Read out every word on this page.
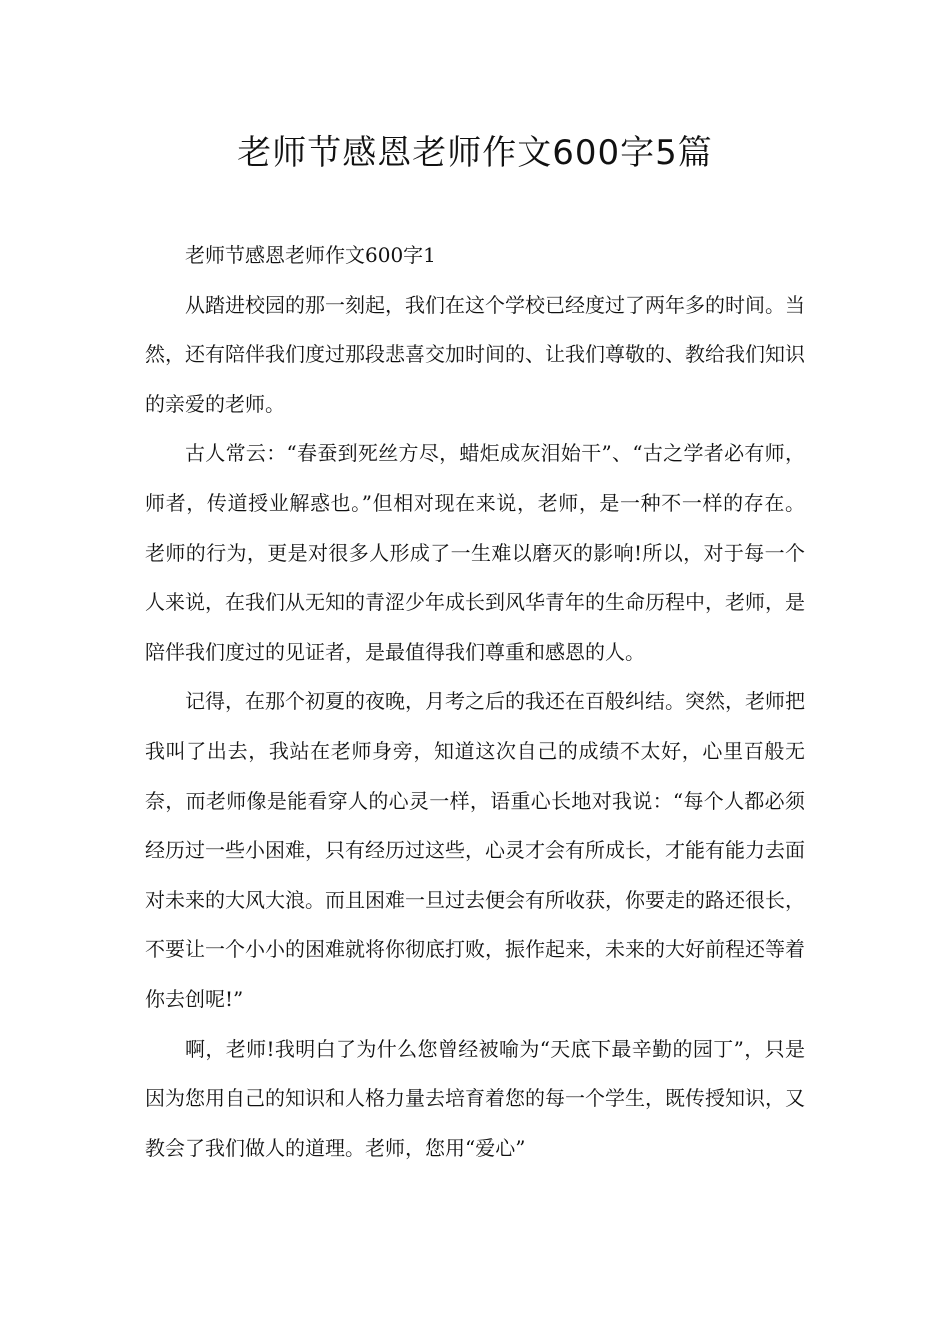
老师节感恩老师作文600字5篇

老师节感恩老师作文600字1

从踏进校园的那一刻起，我们在这个学校已经度过了两年多的时间。当然，还有陪伴我们度过那段悲喜交加时间的、让我们尊敬的、教给我们知识的亲爱的老师。

古人常云：“春蚕到死丝方尽，蜡炬成灰泪始干”、“古之学者必有师，师者，传道授业解惑也。”但相对现在来说，老师，是一种不一样的存在。老师的行为，更是对很多人形成了一生难以磨灭的影响!所以，对于每一个人来说，在我们从无知的青涩少年成长到风华青年的生命历程中，老师，是陪伴我们度过的见证者，是最值得我们尊重和感恩的人。

记得，在那个初夏的夜晚，月考之后的我还在百般纠结。突然，老师把我叫了出去，我站在老师身旁，知道这次自己的成绩不太好，心里百般无奈，而老师像是能看穿人的心灵一样，语重心长地对我说：“每个人都必须经历过一些小困难，只有经历过这些，心灵才会有所成长，才能有能力去面对未来的大风大浪。而且困难一旦过去便会有所收获，你要走的路还很长，不要让一个小小的困难就将你彻底打败，振作起来，未来的大好前程还等着你去创呢!”

啊，老师!我明白了为什么您曾经被喻为“天底下最辛勤的园丁”，只是因为您用自己的知识和人格力量去培育着您的每一个学生，既传授知识，又教会了我们做人的道理。老师，您用“爱心”
